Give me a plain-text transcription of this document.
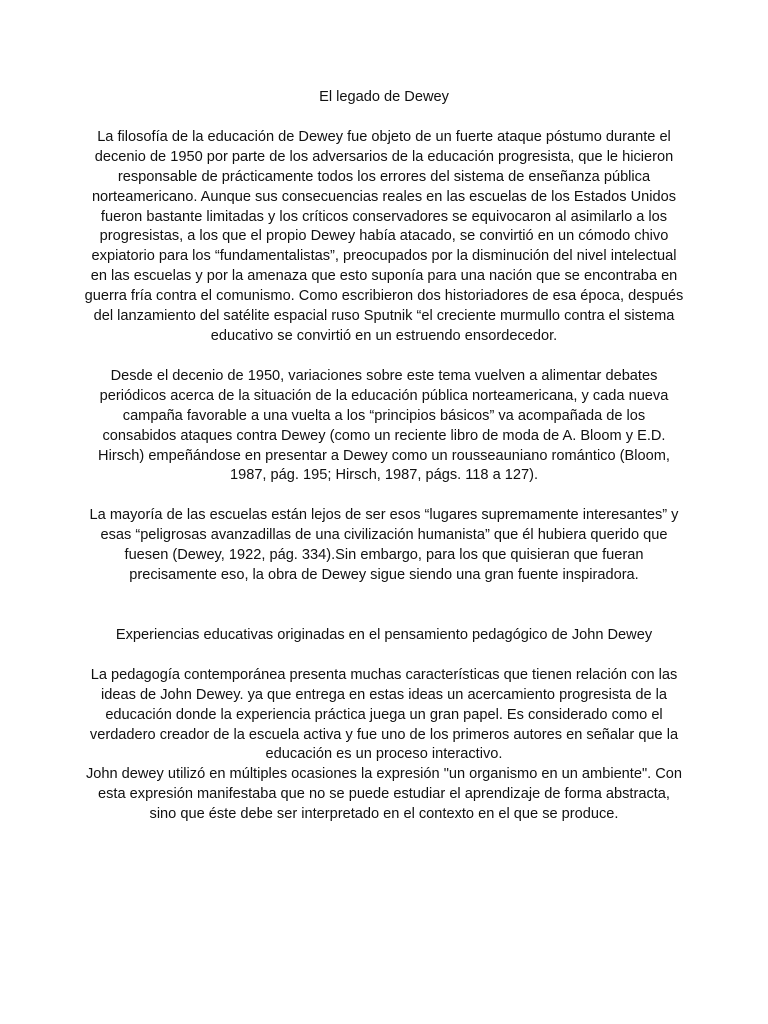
El legado de Dewey

La filosofía de la educación de Dewey fue objeto de un fuerte ataque póstumo durante el decenio de 1950 por parte de los adversarios de la educación progresista, que le hicieron responsable de prácticamente todos los errores del sistema de enseñanza pública norteamericano. Aunque sus consecuencias reales en las escuelas de los Estados Unidos fueron bastante limitadas y los críticos conservadores se equivocaron al asimilarlo a los progresistas, a los que el propio Dewey había atacado, se convirtió en un cómodo chivo expiatorio para los “fundamentalistas”, preocupados por la disminución del nivel intelectual en las escuelas y por la amenaza que esto suponía para una nación que se encontraba en guerra fría contra el comunismo. Como escribieron dos historiadores de esa época, después del lanzamiento del satélite espacial ruso Sputnik “el creciente murmullo contra el sistema educativo se convirtió en un estruendo ensordecedor.

Desde el decenio de 1950, variaciones sobre este tema vuelven a alimentar debates periódicos acerca de la situación de la educación pública norteamericana, y cada nueva campaña favorable a una vuelta a los “principios básicos” va acompañada de los consabidos ataques contra Dewey (como un reciente libro de moda de A. Bloom y E.D. Hirsch) empeñándose en presentar a Dewey como un rousseauniano romántico (Bloom, 1987, pág. 195; Hirsch, 1987, págs. 118 a 127).

La mayoría de las escuelas están lejos de ser esos “lugares supremamente interesantes” y esas “peligrosas avanzadillas de una civilización humanista” que él hubiera querido que fuesen (Dewey, 1922, pág. 334).Sin embargo, para los que quisieran que fueran precisamente eso, la obra de Dewey sigue siendo una gran fuente inspiradora.

Experiencias educativas originadas en el pensamiento pedagógico de John Dewey

La pedagogía contemporánea presenta muchas características que tienen relación con las ideas de John Dewey. ya que entrega en estas ideas un acercamiento progresista de la educación donde la experiencia práctica juega un gran papel. Es considerado como el verdadero creador de la escuela activa y fue uno de los primeros autores en señalar que la educación es un proceso interactivo.

John dewey utilizó en múltiples ocasiones la expresión "un organismo en un ambiente". Con esta expresión manifestaba que no se puede estudiar el aprendizaje de forma abstracta, sino que éste debe ser interpretado en el contexto en el que se produce.
